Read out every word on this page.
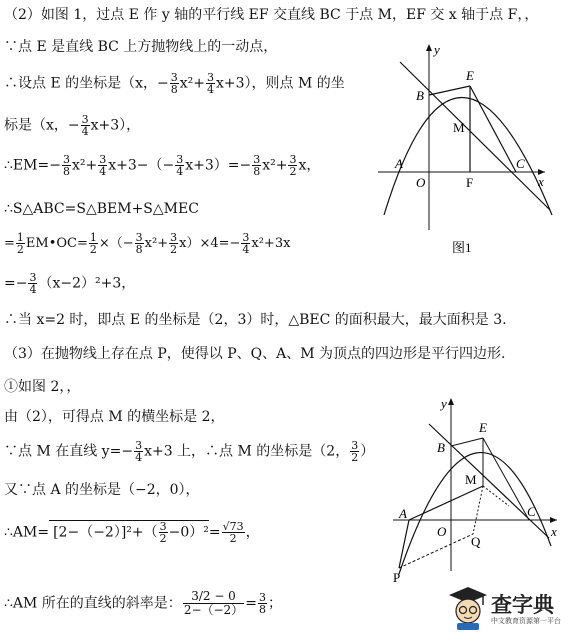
（2）如图 1，过点 E 作 y 轴的平行线 EF 交直线 BC 于点 M，EF 交 x 轴于点 F，，
∵点 E 是直线 BC 上方抛物线上的一动点，
∴设点 E 的坐标是（x，− $\frac{3}{8} x^2+ \frac{3}{4} x+3$），则点 M 的坐
标是（x，− $\frac{3}{4} x+3$），
∴EM=− $\frac{3}{8} x^2+ \frac{3}{4} x+3-(- \frac{3}{4} x+3)=- \frac{3}{8} x^2+ \frac{3}{2}$ x，
∴S△ABC=S△BEM+S△MEC
= $\frac{1}{2}$ EM•OC= $\frac{1}{2}$ ×（− $\frac{3}{8} x^2+ \frac{3}{2} x)\times 4=- \frac{3}{4} x^2+3x$
=− $\frac{3}{4} (x-2)^2+3$，
∴当 x=2 时，即点 E 的坐标是（2，3）时，△BEC 的面积最大，最大面积是 3.
（3）在抛物线上存在点 P，使得以 P、Q、A、M 为顶点的四边形是平行四边形.
①如图 2，，
由（2），可得点 M 的横坐标是 2，
∵点 M 在直线 $y=- \frac{3}{4} x+3$ 上，∴点 M 的坐标是（2， $\frac{3}{2}$ ）
又∵点 A 的坐标是（−2，0），
∴AM= $[2-(-2)]^2+( \frac{3}{2} -0)^2= \frac{√73}{2}$ ，
∴AM 所在的直线的斜率是： $\frac{3/2 - 0}{2-(-2)} = \frac{3}{8}$ ；
y
x
B
E
M
A
O	F
C
图1
y
x
B
E
M
A
O
Q
C
P
查字典
中文教育资源第一平台
